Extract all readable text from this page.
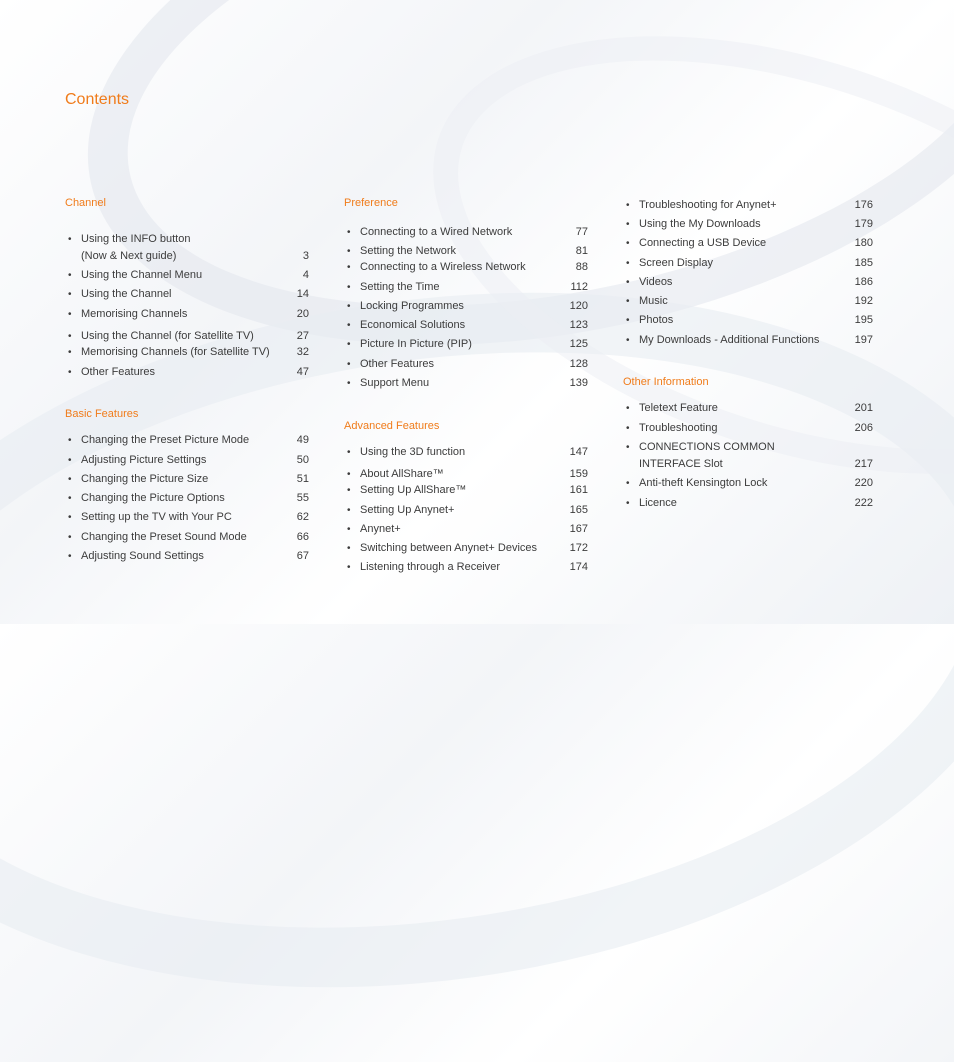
Contents
Channel
• Using the INFO button
(Now & Next guide)	3
• Using the Channel Menu	4
• Using the Channel	14
• Memorising Channels	20
• Using the Channel (for Satellite TV)	27
• Memorising Channels (for Satellite TV)	32
• Other Features	47
Basic Features
• Changing the Preset Picture Mode	49
• Adjusting Picture Settings	50
• Changing the Picture Size	51
• Changing the Picture Options	55
• Setting up the TV with Your PC	62
• Changing the Preset Sound Mode	66
• Adjusting Sound Settings	67
Preference
• Connecting to a Wired Network	77
• Setting the Network	81
• Connecting to a Wireless Network	88
• Setting the Time	112
• Locking Programmes	120
• Economical Solutions	123
• Picture In Picture (PIP)	125
• Other Features	128
• Support Menu	139
Advanced Features
• Using the 3D function	147
• About AllShare™	159
• Setting Up AllShare™	161
• Setting Up Anynet+	165
• Anynet+	167
• Switching between Anynet+ Devices	172
• Listening through a Receiver	174
• Troubleshooting for Anynet+	176
• Using the My Downloads	179
• Connecting a USB Device	180
• Screen Display	185
• Videos	186
• Music	192
• Photos	195
• My Downloads - Additional Functions	197
Other Information
• Teletext Feature	201
• Troubleshooting	206
• CONNECTIONS COMMON
INTERFACE Slot	217
• Anti-theft Kensington Lock	220
• Licence	222
